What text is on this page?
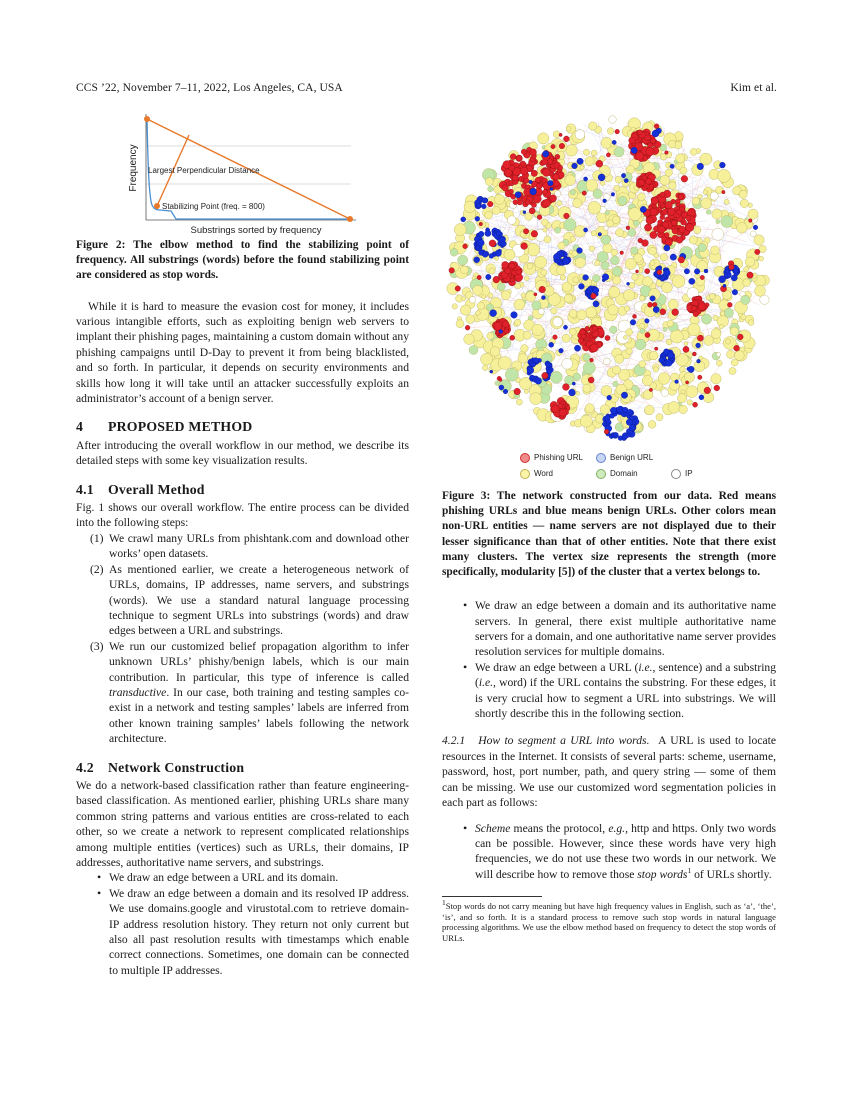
CCS ’22, November 7–11, 2022, Los Angeles, CA, USA	Kim et al.
Frequency Largest Perpendicular Distance
Stabilizing Point (freq. = 800)
Substrings sorted by frequency

Figure 2: The elbow method to find the stabilizing point of frequency. All substrings (words) before the found stabilizing point are considered as stop words.

While it is hard to measure the evasion cost for money, it includes various intangible efforts, such as exploiting benign web servers to implant their phishing pages, maintaining a custom domain without any phishing campaigns until D-Day to prevent it from being blacklisted, and so forth. In particular, it depends on security environments and skills how long it will take until an attacker successfully exploits an administrator’s account of a benign server.

4 PROPOSED METHOD

After introducing the overall workflow in our method, we describe its detailed steps with some key visualization results.

4.1 Overall Method

Fig. 1 shows our overall workflow. The entire process can be divided into the following steps:

(1) We crawl many URLs from phishtank.com and download other works’ open datasets.
(2) As mentioned earlier, we create a heterogeneous network of URLs, domains, IP addresses, name servers, and substrings (words). We use a standard natural language processing technique to segment URLs into substrings (words) and draw edges between a URL and substrings.
(3) We run our customized belief propagation algorithm to infer unknown URLs’ phishy/benign labels, which is our main contribution. In particular, this type of inference is called transductive. In our case, both training and testing samples co-exist in a network and testing samples’ labels are inferred from other known training samples’ labels following the network architecture.
4.2 Network Construction

We do a network-based classification rather than feature engineering-based classification. As mentioned earlier, phishing URLs share many common string patterns and various entities are cross-related to each other, so we create a network to represent complicated relationships among multiple entities (vertices) such as URLs, their domains, IP addresses, authoritative name servers, and substrings.

• We draw an edge between a URL and its domain.
• We draw an edge between a domain and its resolved IP address. We use domains.google and virustotal.com to retrieve domain-IP address resolution history. They return not only current but also all past resolution results with timestamps which enable correct connections. Sometimes, one domain can be connected to multiple IP addresses.
Phishing URL	Benign URL
Word	Domain	IP

Figure 3: The network constructed from our data. Red means phishing URLs and blue means benign URLs. Other colors mean non-URL entities — name servers are not displayed due to their lesser significance than that of other entities. Note that there exist many clusters. The vertex size represents the strength (more specifically, modularity [5]) of the cluster that a vertex belongs to.

• We draw an edge between a domain and its authoritative name servers. In general, there exist multiple authoritative name servers for a domain, and one authoritative name server provides resolution services for multiple domains.
• We draw an edge between a URL (i.e., sentence) and a substring (i.e., word) if the URL contains the substring. For these edges, it is very crucial how to segment a URL into substrings. We will shortly describe this in the following section.

4.2.1 How to segment a URL into words. A URL is used to locate resources in the Internet. It consists of several parts: scheme, username, password, host, port number, path, and query string — some of them can be missing. We use our customized word segmentation policies in each part as follows:

• Scheme means the protocol, e.g., http and https. Only two words can be possible. However, since these words have very high frequencies, we do not use these two words in our network. We will describe how to remove those stop words$^1$ of URLs shortly.

$^1$Stop words do not carry meaning but have high frequency values in English, such as ‘a’, ‘the’, ‘is’, and so forth. It is a standard process to remove such stop words in natural language processing algorithms. We use the elbow method based on frequency to detect the stop words of URLs.
